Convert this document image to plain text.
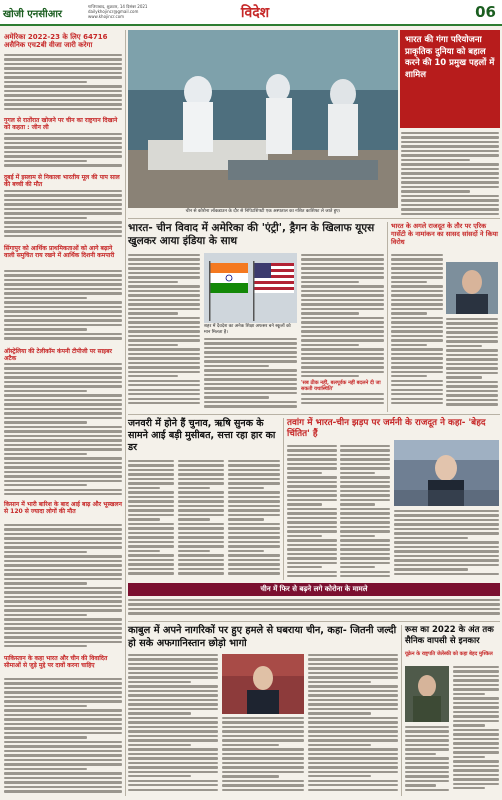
खोजी एनसीआर
गाजियाबाद, शुक्रवार, 14 दिसंबर 2021
dailykhojincr@gmail.com
www.khojincr.com	विदेश	06
अमेरिका 2022-23 के लिए 64716 असैनिक एच2बी वीजा जारी करेगा
गुगल से रातोंरात खोजने पर चीन का राष्ट्रगान दिखाने को कहता : जीन ली
दुबई में इस्लाम से निकाला भारतीय मूल की पाप साल की बच्ची की मौत
सिंगापुर को आर्थिक प्राथमिकताओं को आगे बढ़ाने वाली समुचित राय रखने में आर्थिक दिशनी कमपारी
ऑस्ट्रेलिया की टेलीकॉम कंपनी टीपीजी पर साइबर अटैक
किसान में भारी बारिश के बाद आई बाढ़ और भूस्खलन से 120 से ज्यादा लोगों की मौत
पाकिस्तान के कहा भारत और चीन की विवादित सीमाओं से जुड़े मुद्दे पर दावों करना चाहिए
चीन से कोरोना लॉकडाउन के दौर से निपिटशिफ्टी एक अस्पताल का नशित काशिफा ले जाते हुए।
भारत की गंगा परियोजना प्राकृतिक दुनिया को बहाल करने की 10 प्रमुख पहलों में शामिल
भारत- चीन विवाद में अमेरिका की 'एंट्री', ड्रैगन के खिलाफ यूएस खुलकर आया इंडिया के साथ
शहर में दैवदेश का अनेक शिक्षा अफसर बने स्कूलों को मान मिलता है।
भारत के अगले राजदूत के तौर पर एरिक गार्सेटी के नामांकन का सासद सांसदों ने किया विरोध
जनवरी में होने हैं चुनाव, ऋषि सुनक के सामने आई बड़ी मुसीबत, सत्ता रहा हार का डर
तवांग में भारत-चीन झड़प पर जर्मनी के राजदूत ने कहा- 'बेहद चिंतित' हैं
चीन में फिर से बढ़ने लगे कोरोना के मामले
काबुल में अपने नागरिकों पर हुए हमले से घबराया चीन, कहा- जितनी जल्दी हो सके अफगानिस्तान छोड़ो भागो
रूस का 2022 के अंत तक सैनिक वापसी से इनकार
यूक्रेन के राष्ट्रपति जेलेंस्की को कहा बेहद मुश्किल
'सब ठीक नहीं, बलपूर्वक नहीं बदलने दी जा सकती यथास्थिति'
